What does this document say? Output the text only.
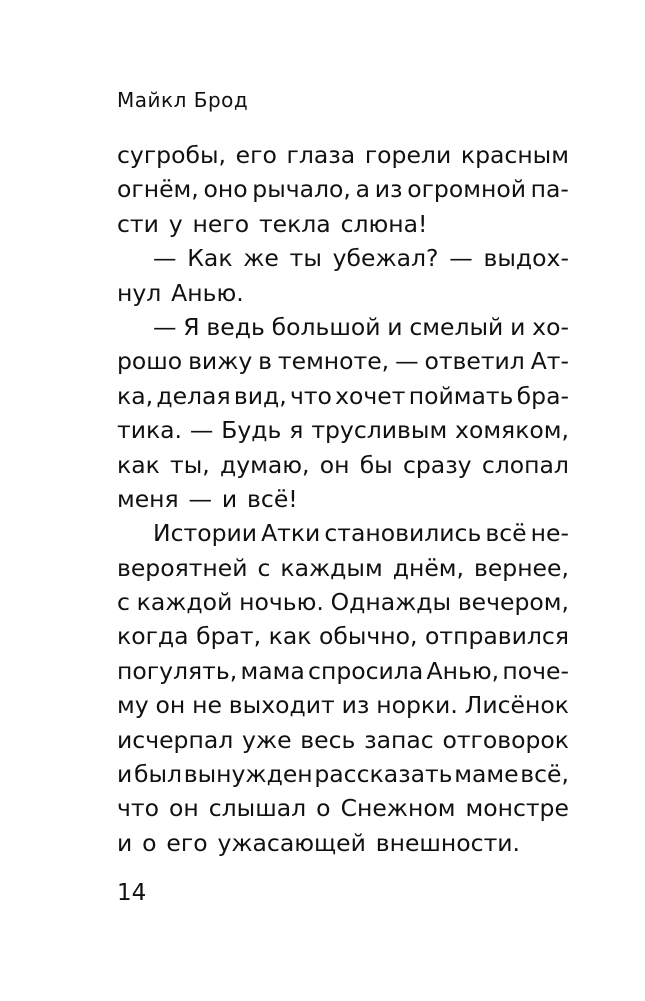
Майкл Брод
сугробы, его глаза горели красным
огнём, оно рычало, а из огромной па-
сти у него текла слюна!
— Как же ты убежал? — выдох-
нул Анью.
— Я ведь большой и смелый и хо-
рошо вижу в темноте, — ответил Ат-
ка, делая вид, что хочет поймать бра-
тика. — Будь я трусливым хомяком,
как ты, думаю, он бы сразу слопал
меня — и всё!
Истории Атки становились всё не-
вероятней с каждым днём, вернее,
с каждой ночью. Однажды вечером,
когда брат, как обычно, отправился
погулять, мама спросила Анью, поче-
му он не выходит из норки. Лисёнок
исчерпал уже весь запас отговорок
и был вынужден рассказать маме всё,
что он слышал о Снежном монстре
и о его ужасающей внешности.
14
